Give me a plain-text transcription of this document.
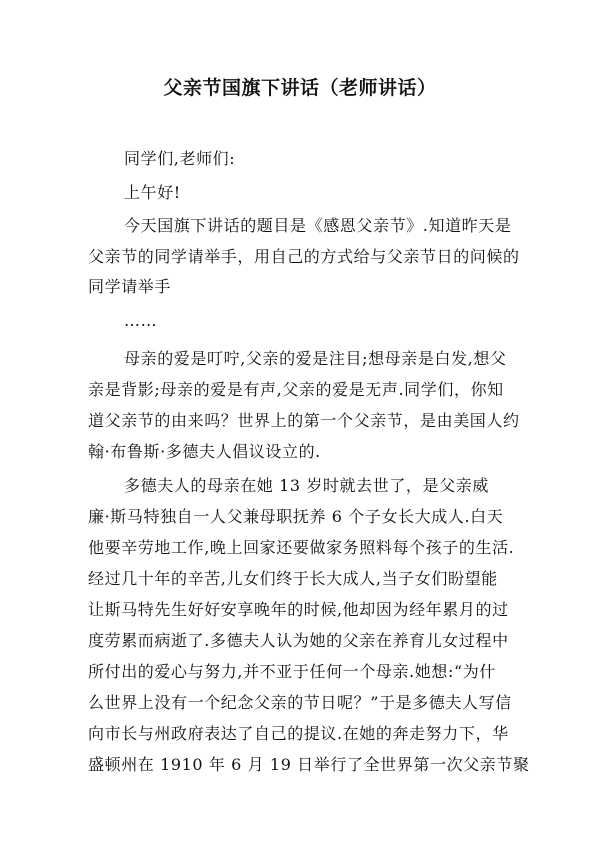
父亲节国旗下讲话（老师讲话）
同学们,老师们:
上午好!
今天国旗下讲话的题目是《感恩父亲节》.知道昨天是
父亲节的同学请举手，用自己的方式给与父亲节日的问候的
同学请举手
……
母亲的爱是叮咛,父亲的爱是注目;想母亲是白发,想父
亲是背影;母亲的爱是有声,父亲的爱是无声.同学们，你知
道父亲节的由来吗？世界上的第一个父亲节，是由美国人约
翰·布鲁斯·多德夫人倡议设立的.
多德夫人的母亲在她 13 岁时就去世了，是父亲威
廉·斯马特独自一人父兼母职抚养 6 个子女长大成人.白天
他要辛劳地工作,晚上回家还要做家务照料每个孩子的生活.
经过几十年的辛苦,儿女们终于长大成人,当子女们盼望能
让斯马特先生好好安享晚年的时候,他却因为经年累月的过
度劳累而病逝了.多德夫人认为她的父亲在养育儿女过程中
所付出的爱心与努力,并不亚于任何一个母亲.她想:“为什
么世界上没有一个纪念父亲的节日呢？”于是多德夫人写信
向市长与州政府表达了自己的提议.在她的奔走努力下，华
盛顿州在 1910 年 6 月 19 日举行了全世界第一次父亲节聚
